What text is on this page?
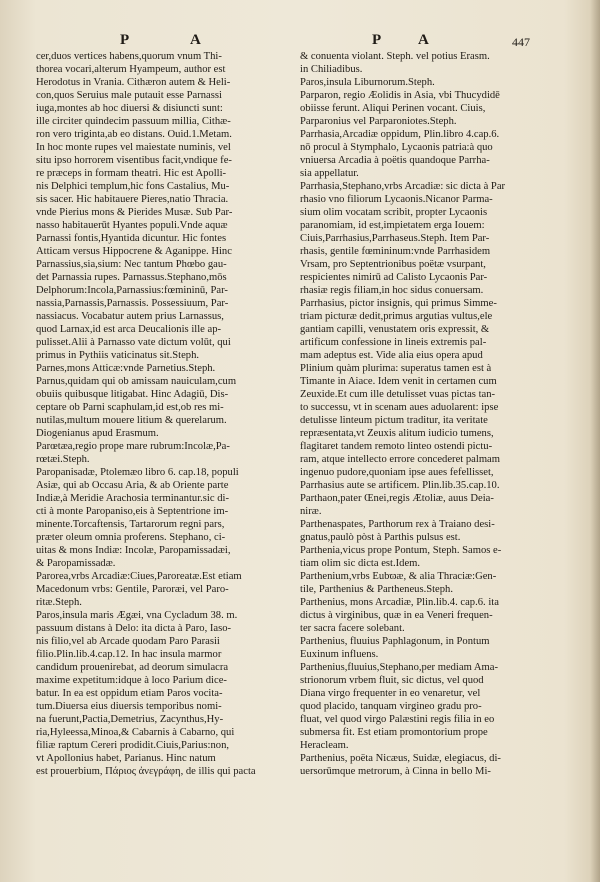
P	A	P A	447
cer,duos vertices habens,quorum vnum Thi-
thorea vocari,alterum Hyampeum, author est
Herodotus in Vrania. Cithæron autem & Heli-
con,quos Seruius male putauit esse Parnassi
iuga,montes ab hoc diuersi & disiuncti sunt:
ille circiter quindecim passuum millia, Cithæ-
ron vero triginta,ab eo distans. Ouid.1.Metam.
In hoc monte rupes vel maiestate numinis, vel
situ ipso horrorem visentibus facit,vndique fe-
re præceps in formam theatri. Hic est Apolli-
nis Delphici templum,hic fons Castalius, Mu-
sis sacer. Hic habitauere Pieres,natio Thracia.
vnde Pierius mons & Pierides Musæ. Sub Par-
nasso habitauerūt Hyantes populi.Vnde aquæ
Parnassi fontis,Hyantida dicuntur. Hic fontes
Atticam versus Hippocrene & Aganippe. Hinc
Parnassius,sia,sium: Nec tantum Phœbo gau-
det Parnassia rupes. Parnassus.Stephano,mōs
Delphorum:Incola,Parnassius:fœmininū, Par-
nassia,Parnassis,Parnassis. Possessiuum, Par-
nassiacus. Vocabatur autem prius Larnassus,
quod Larnax,id est arca Deucalionis ille ap-
pulisset.Alii à Parnasso vate dictum volūt, qui
primus in Pythiis vaticinatus sit.Steph.
Parnes,mons Atticæ:vnde Parnetius.Steph.
Parnus,quidam qui ob amissam nauiculam,cum
obuiis quibusque litigabat. Hinc Adagiū, Dis-
ceptare ob Parni scaphulam,id est,ob res mi-
nutilas,multum mouere litium & querelarum.
Diogenianus apud Erasmum.
Parœtæa,regio prope mare rubrum:Incolæ,Pa-
rœtæi.Steph.
Paropanisadæ, Ptolemæo libro 6. cap.18, populi
Asiæ, qui ab Occasu Aria, & ab Oriente parte
Indiæ,à Meridie Arachosia terminantur.sic di-
cti à monte Paropaniso,eis à Septentrione im-
minente.Torcaftensis, Tartarorum regni pars,
præter oleum omnia proferens. Stephano, ci-
uitas & mons Indiæ: Incolæ, Paropamissadæi,
& Paropamissadæ.
Parorea,vrbs Arcadiæ:Ciues,Paroreatæ.Est etiam
Macedonum vrbs: Gentile, Paroræi, vel Paro-
ritæ.Steph.
Paros,insula maris Ægæi, vna Cycladum 38. m.
passuum distans à Delo: ita dicta à Paro, Iaso-
nis filio,vel ab Arcade quodam Paro Parasii
filio.Plin.lib.4.cap.12. In hac insula marmor
candidum prouenirebat, ad deorum simulacra
maxime expetitum:idque à loco Parium dice-
batur. In ea est oppidum etiam Paros vocita-
tum.Diuersa eius diuersis temporibus nomi-
na fuerunt,Pactia,Demetrius, Zacynthus,Hy-
ria,Hyleessa,Minoa,& Cabarnis à Cabarno, qui
filiæ raptum Cereri prodidit.Ciuis,Parius:non,
vt Apollonius habet, Parianus. Hinc natum
est prouerbium, Πάριος ἀνεγράφη, de illis qui pacta
& conuenta violant. Steph. vel potius Erasm.
in Chiliadibus.
Paros,insula Liburnorum.Steph.
Parparon, regio Æolidis in Asia, vbi Thucydidē
obiisse ferunt. Aliqui Perinen vocant. Ciuis,
Parparonius vel Parparoniotes.Steph.
Parrhasia,Arcadiæ oppidum, Plin.libro 4.cap.6.
nō procul à Stymphalo, Lycaonis patria:à quo
vniuersa Arcadia à poëtis quandoque Parrha-
sia appellatur.
Parrhasia,Stephano,vrbs Arcadiæ: sic dicta à Par
rhasio vno filiorum Lycaonis.Nicanor Parma-
sium olim vocatam scribit, propter Lycaonis
paranomiam, id est,impietatem erga Iouem:
Ciuis,Parrhasius,Parrhaseus.Steph. Item Par-
rhasis, gentile fœmininum:vnde Parrhasidem
Vrsam, pro Septentrionibus poëtæ vsurpant,
respicientes nimirū ad Calisto Lycaonis Par-
rhasiæ regis filiam,in hoc sidus conuersam.
Parrhasius, pictor insignis, qui primus Simme-
triam picturæ dedit,primus argutias vultus,ele
gantiam capilli, venustatem oris expressit, &
artificum confessione in lineis extremis pal-
mam adeptus est. Vide alia eius opera apud
Plinium quàm plurima: superatus tamen est à
Timante in Aiace. Idem venit in certamen cum
Zeuxide.Et cum ille detulisset vuas pictas tan-
to successu, vt in scenam aues aduolarent: ipse
detulisse linteum pictum traditur, ita veritate
repræsentata,vt Zeuxis alitum iudicio tumens,
flagitaret tandem remoto linteo ostendi pictu-
ram, atque intellecto errore concederet palmam
ingenuo pudore,quoniam ipse aues fefellisset,
Parrhasius aute se artificem. Plin.lib.35.cap.10.
Parthaon,pater Œnei,regis Ætoliæ, auus Deia-
niræ.
Parthenaspates, Parthorum rex à Traiano desi-
gnatus,paulò pòst à Parthis pulsus est.
Parthenia,vicus prope Pontum, Steph. Samos e-
tiam olim sic dicta est.Idem.
Parthenium,vrbs Eubϖæ, & alia Thraciæ:Gen-
tile, Parthenius & Partheneus.Steph.
Parthenius, mons Arcadiæ, Plin.lib.4. cap.6. ita
dictus à virginibus, quæ in ea Veneri frequen-
ter sacra facere solebant.
Parthenius, fluuius Paphlagonum, in Pontum
Euxinum influens.
Parthenius,fluuius,Stephano,per mediam Ama-
strionorum vrbem fluit, sic dictus, vel quod
Diana virgo frequenter in eo venaretur, vel
quod placido, tanquam virgineo gradu pro-
fluat, vel quod virgo Palæstini regis filia in eo
submersa fit. Est etiam promontorium prope
Heracleam.
Parthenius, poëta Nicæus, Suidæ, elegiacus, di-
uersorūmque metrorum, à Cinna in bello Mi-
